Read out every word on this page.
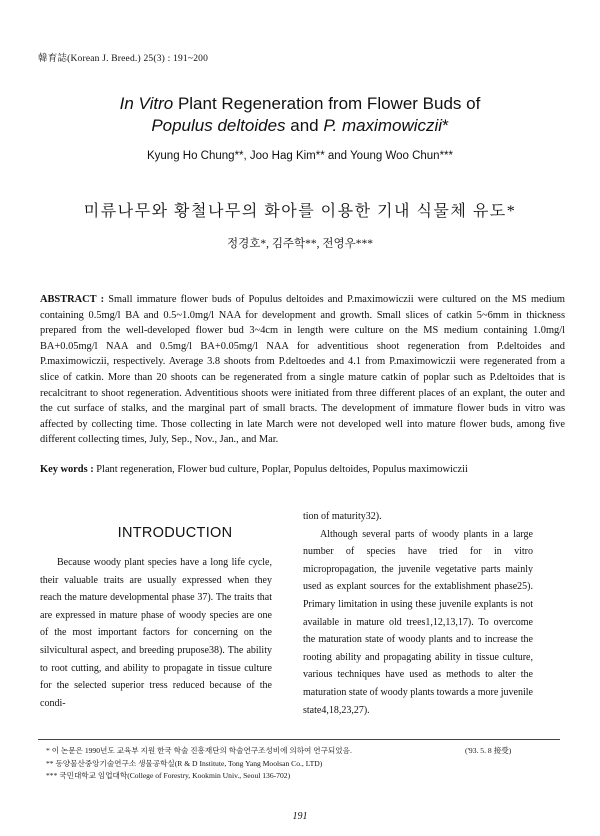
韓育誌(Korean J. Breed.) 25(3) : 191~200
In Vitro Plant Regeneration from Flower Buds of
Populus deltoides and P. maximowiczii*
Kyung Ho Chung**, Joo Hag Kim** and Young Woo Chun***
미류나무와 황철나무의 화아를 이용한 기내 식물체 유도*
정경호*, 김주학**, 전영우***
ABSTRACT : Small immature flower buds of Populus deltoides and P.maximowiczii were cultured on the MS medium containing 0.5mg/l BA and 0.5~1.0mg/l NAA for development and growth. Small slices of catkin 5~6mm in thickness prepared from the well-developed flower bud 3~4cm in length were culture on the MS medium containing 1.0mg/l BA+0.05mg/l NAA and 0.5mg/l BA+0.05mg/l NAA for adventitious shoot regeneration from P.deltoides and P.maximowiczii, respectively. Average 3.8 shoots from P.deltoedes and 4.1 from P.maximowiczii were regenerated from a slice of catkin. More than 20 shoots can be regenerated from a single mature catkin of poplar such as P.deltoides that is recalcitrant to shoot regeneration. Adventitious shoots were initiated from three different places of an explant, the outer and the cut surface of stalks, and the marginal part of small bracts. The development of immature flower buds in vitro was affected by collecting time. Those collecting in late March were not developed well into mature flower buds, among five different collecting times, July, Sep., Nov., Jan., and Mar.
Key words : Plant regeneration, Flower bud culture, Poplar, Populus deltoides, Populus maximowiczii
INTRODUCTION
Because woody plant species have a long life cycle, their valuable traits are usually expressed when they reach the mature developmental phase 37). The traits that are expressed in mature phase of woody species are one of the most important factors for concerning on the silvicultural aspect, and breeding prupose38). The ability to root cutting, and ability to propagate in tissue culture for the selected superior tress reduced because of the condi-
tion of maturity32).
Although several parts of woody plants in a large number of species have tried for in vitro micropropagation, the juvenile vegetative parts mainly used as explant sources for the extablishment phase25). Primary limitation in using these juvenile explants is not available in mature old trees1,12,13,17). To overcome the maturation state of woody plants and to increase the rooting ability and propagating ability in tissue culture, various techniques have used as methods to alter the maturation state of woody plants towards a more juvenile state4,18,23,27).
* 이 논문은 1990년도 교육부 지원 한국 학술 진흥재단의 학술연구조성비에 의하여 연구되었음.	('93. 5. 8 接受)
** 동양물산중앙기술연구소 생물공학실(R & D Institute, Tong Yang Moolsan Co., LTD)
*** 국민대학교 임업대학(College of Forestry, Kookmin Univ., Seoul 136-702)
191
